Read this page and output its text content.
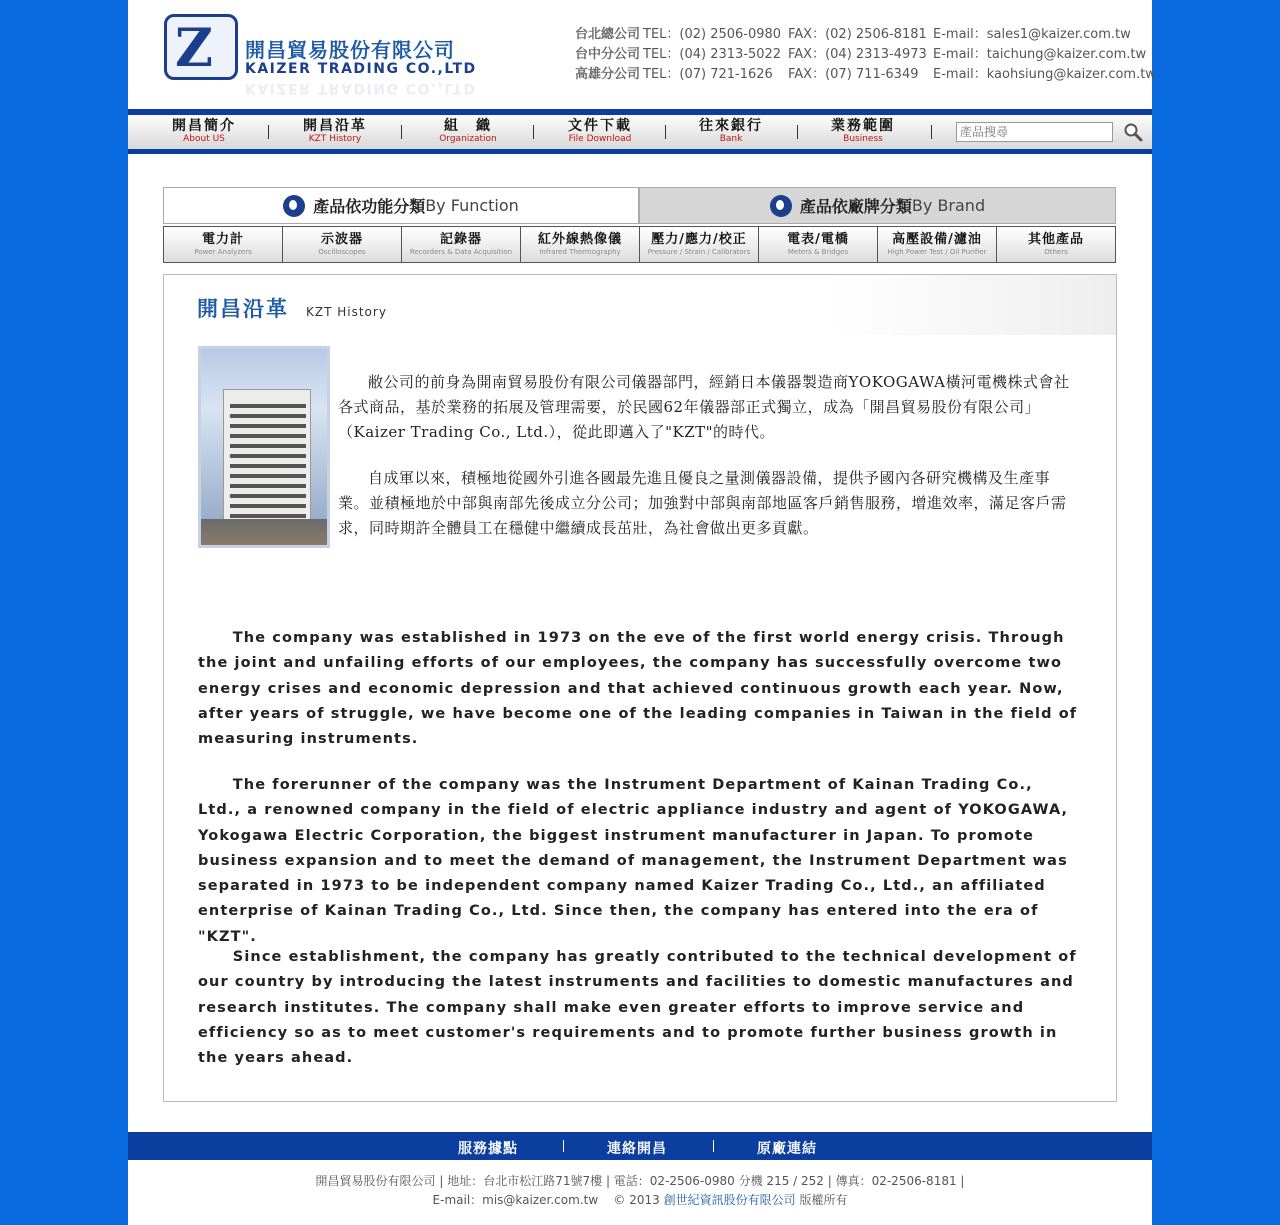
Z 開昌貿易股份有限公司
KAIZER TRADING CO.,LTD
KAIZER TRADING CO.,LTD
台北總公司 TEL：(02) 2506-0980 FAX：(02) 2506-8181 E-mail：sales1@kaizer.com.tw
台中分公司 TEL：(04) 2313-5022 FAX：(04) 2313-4973 E-mail：taichung@kaizer.com.tw
高雄分公司 TEL：(07) 721-1626	FAX：(07) 711-6349	E-mail：kaohsiung@kaizer.com.tw
開昌簡介
About US
開昌沿革
KZT History
組　織
Organization
文件下載
File Download
往來銀行
Bank
業務範圍
Business
產品搜尋
產品依功能分類 By Function	產品依廠牌分類 By Brand
電力計
Power Analyzers
示波器
Oscilloscopes
記錄器
Recorders & Data Acquisition
紅外線熱像儀
Infrared Thermography
壓力/應力/校正
Pressure / Strain / Calibrators
電表/電橋
Meters & Bridges
高壓設備/濾油
High Power Test / Oil Purifier
其他產品
Others
開昌沿革 KZT History

敝公司的前身為開南貿易股份有限公司儀器部門，經銷日本儀器製造商YOKOGAWA橫河電機株式會社各式商品，基於業務的拓展及管理需要，於民國62年儀器部正式獨立，成為「開昌貿易股份有限公司」（Kaizer Trading Co., Ltd.），從此即邁入了"KZT"的時代。

自成軍以來，積極地從國外引進各國最先進且優良之量測儀器設備，提供予國內各研究機構及生產事業。並積極地於中部與南部先後成立分公司；加強對中部與南部地區客戶銷售服務，增進效率，滿足客戶需求，同時期許全體員工在穩健中繼續成長茁壯，為社會做出更多貢獻。

The company was established in 1973 on the eve of the first world energy crisis. Through the joint and unfailing efforts of our employees, the company has successfully overcome two energy crises and economic depression and that achieved continuous growth each year. Now, after years of struggle, we have become one of the leading companies in Taiwan in the field of measuring instruments.

The forerunner of the company was the Instrument Department of Kainan Trading Co., Ltd., a renowned company in the field of electric appliance industry and agent of YOKOGAWA, Yokogawa Electric Corporation, the biggest instrument manufacturer in Japan. To promote business expansion and to meet the demand of management, the Instrument Department was separated in 1973 to be independent company named Kaizer Trading Co., Ltd., an affiliated enterprise of Kainan Trading Co., Ltd. Since then, the company has entered into the era of "KZT".

Since establishment, the company has greatly contributed to the technical development of our country by introducing the latest instruments and facilities to domestic manufactures and research institutes. The company shall make even greater efforts to improve service and efficiency so as to meet customer's requirements and to promote further business growth in the years ahead.

服務據點	連絡開昌	原廠連結
開昌貿易股份有限公司 | 地址：台北市松江路71號7樓 | 電話：02-2506-0980 分機 215 / 252 | 傳真：02-2506-8181 |
E-mail：mis@kaizer.com.tw © 2013 創世紀資訊股份有限公司 版權所有
